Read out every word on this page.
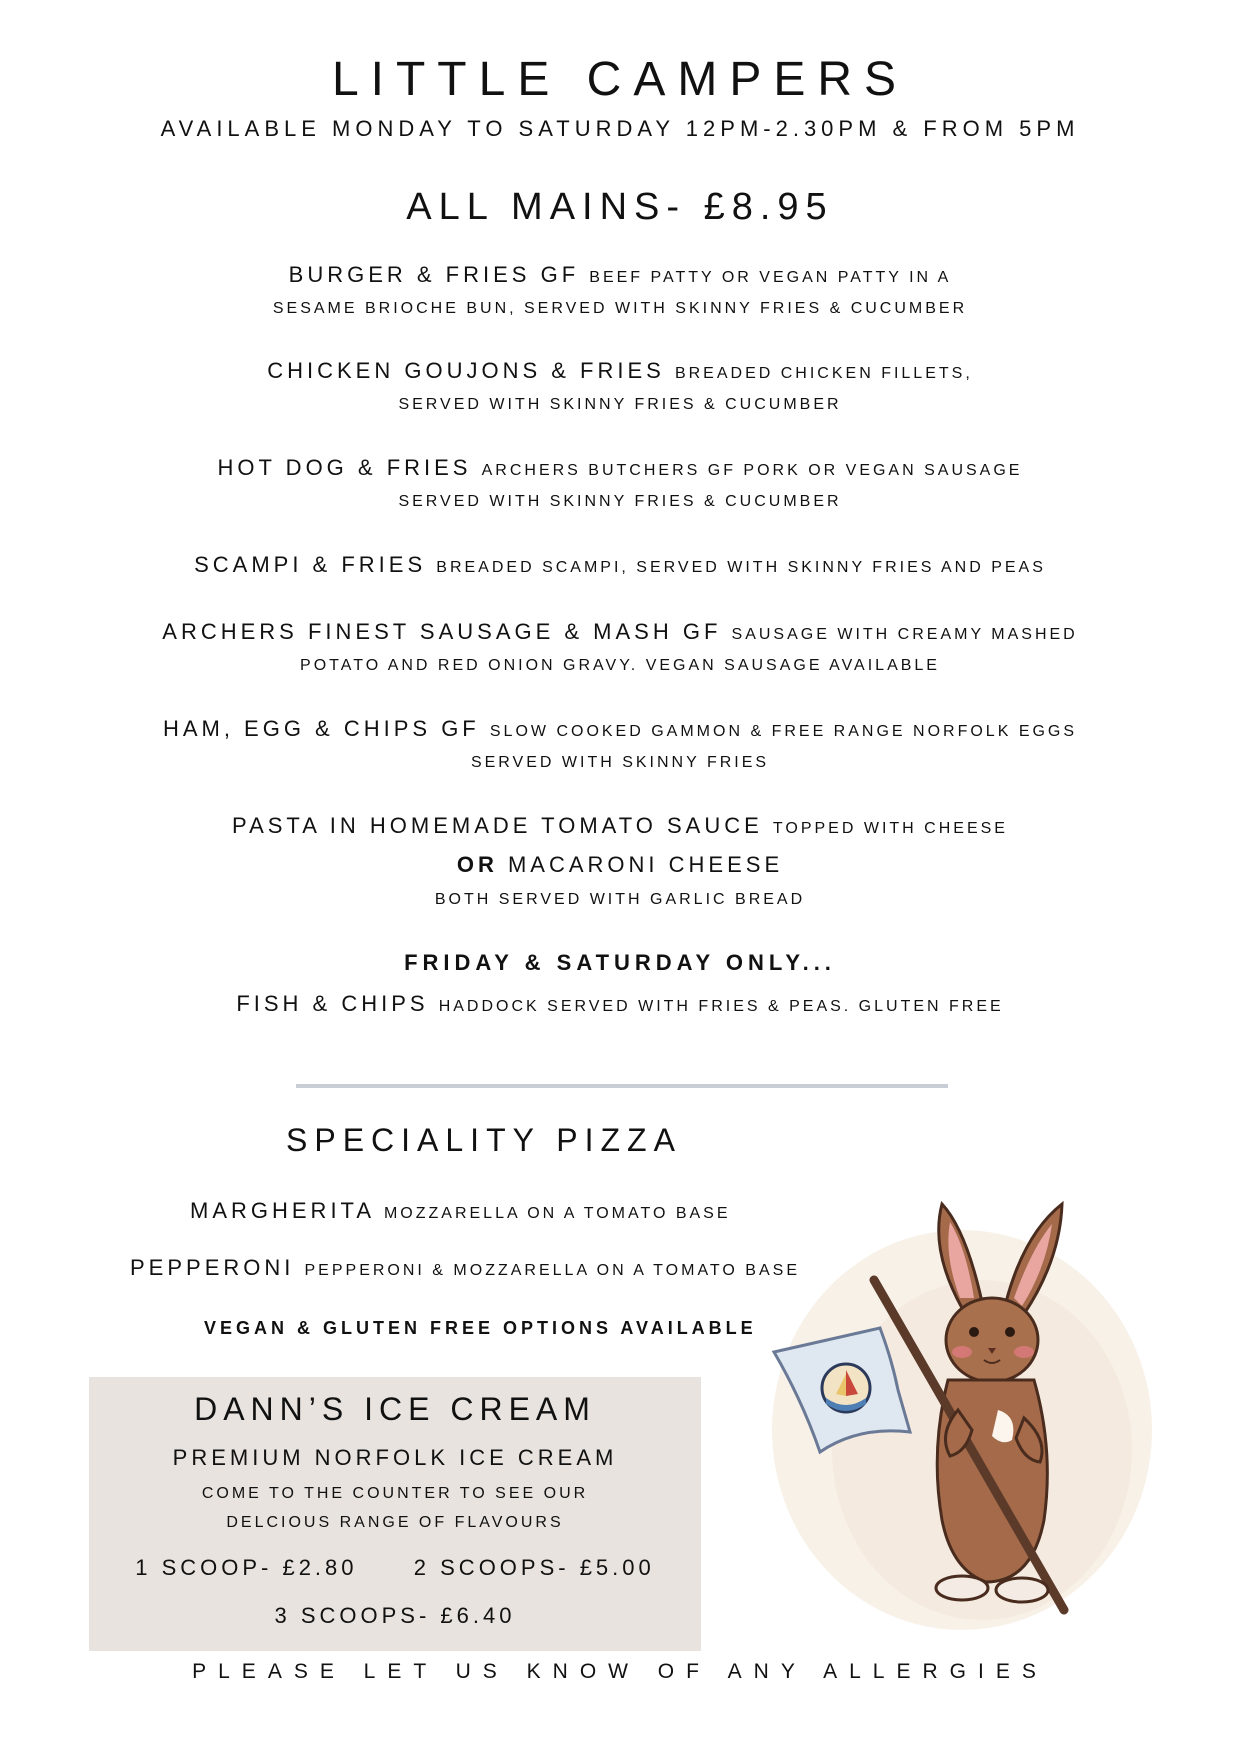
LITTLE CAMPERS
AVAILABLE MONDAY TO SATURDAY 12PM-2.30PM & FROM 5PM
ALL MAINS- £8.95
BURGER & FRIES GF BEEF PATTY OR VEGAN PATTY IN A
SESAME BRIOCHE BUN, SERVED WITH SKINNY FRIES & CUCUMBER
CHICKEN GOUJONS & FRIES BREADED CHICKEN FILLETS,
SERVED WITH SKINNY FRIES & CUCUMBER
HOT DOG & FRIES ARCHERS BUTCHERS GF PORK OR VEGAN SAUSAGE
SERVED WITH SKINNY FRIES & CUCUMBER
SCAMPI & FRIES BREADED SCAMPI, SERVED WITH SKINNY FRIES AND PEAS
ARCHERS FINEST SAUSAGE & MASH GF SAUSAGE WITH CREAMY MASHED
POTATO AND RED ONION GRAVY. VEGAN SAUSAGE AVAILABLE
HAM, EGG & CHIPS GF SLOW COOKED GAMMON & FREE RANGE NORFOLK EGGS
SERVED WITH SKINNY FRIES
PASTA IN HOMEMADE TOMATO SAUCE TOPPED WITH CHEESE
OR MACARONI CHEESE
BOTH SERVED WITH GARLIC BREAD
FRIDAY & SATURDAY ONLY...
FISH & CHIPS HADDOCK SERVED WITH FRIES & PEAS. GLUTEN FREE
SPECIALITY PIZZA
MARGHERITA MOZZARELLA ON A TOMATO BASE
PEPPERONI PEPPERONI & MOZZARELLA ON A TOMATO BASE
VEGAN & GLUTEN FREE OPTIONS AVAILABLE
DANN’S ICE CREAM
PREMIUM NORFOLK ICE CREAM
COME TO THE COUNTER TO SEE OUR
DELCIOUS RANGE OF FLAVOURS
1 SCOOP- £2.80	2 SCOOPS- £5.00
3 SCOOPS- £6.40
PLEASE LET US KNOW OF ANY ALLERGIES
